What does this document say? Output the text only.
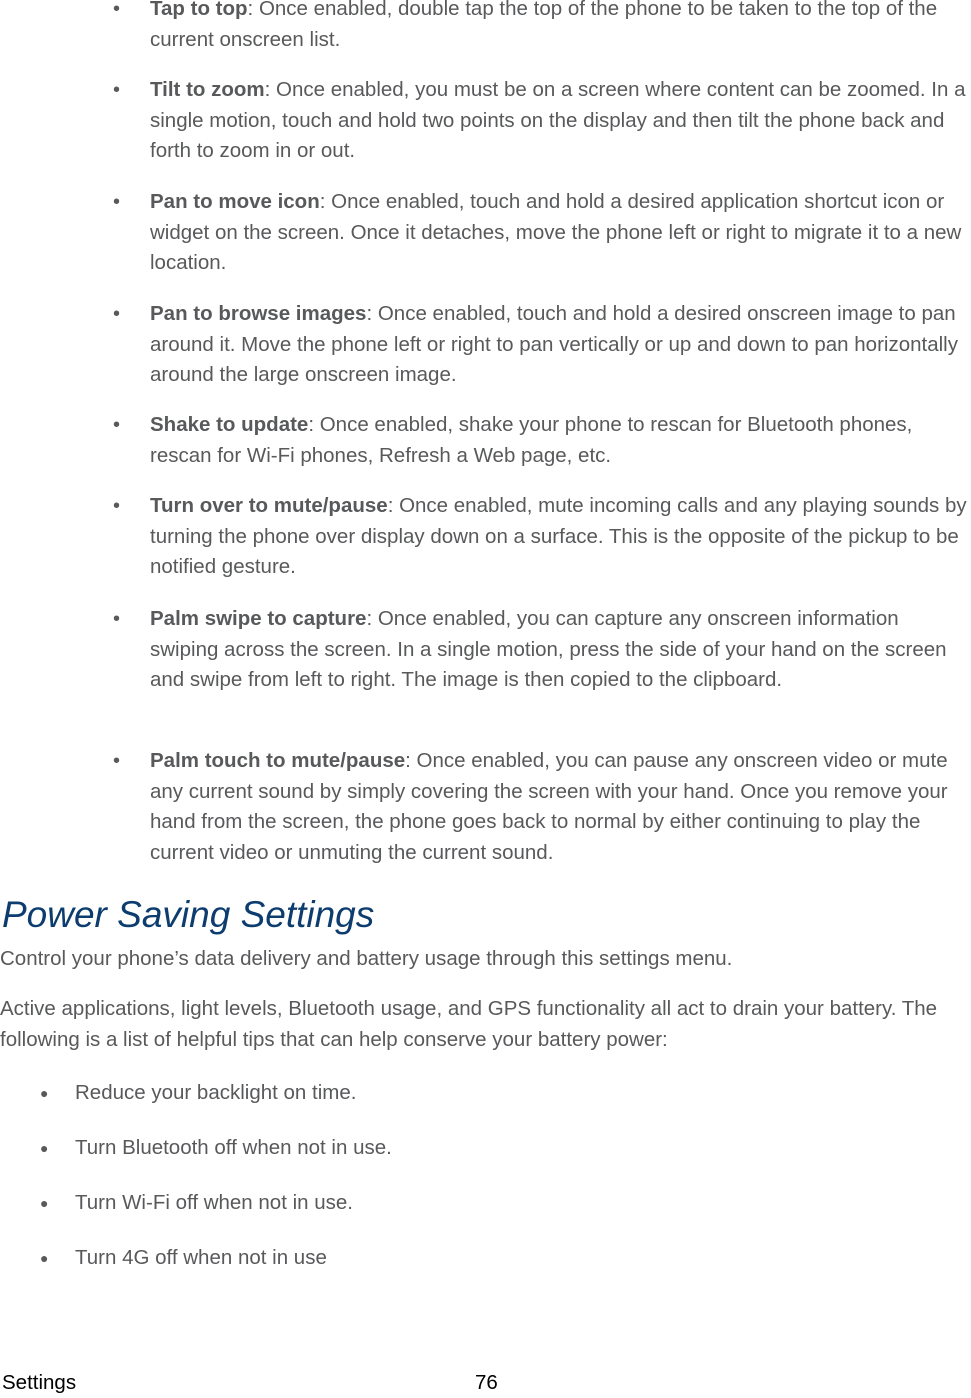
• Tap to top: Once enabled, double tap the top of the phone to be taken to the top of the current onscreen list.

• Tilt to zoom: Once enabled, you must be on a screen where content can be zoomed. In a single motion, touch and hold two points on the display and then tilt the phone back and forth to zoom in or out.

• Pan to move icon: Once enabled, touch and hold a desired application shortcut icon or widget on the screen. Once it detaches, move the phone left or right to migrate it to a new location.

• Pan to browse images: Once enabled, touch and hold a desired onscreen image to pan around it. Move the phone left or right to pan vertically or up and down to pan horizontally around the large onscreen image.

• Shake to update: Once enabled, shake your phone to rescan for Bluetooth phones, rescan for Wi-Fi phones, Refresh a Web page, etc.

• Turn over to mute/pause: Once enabled, mute incoming calls and any playing sounds by turning the phone over display down on a surface. This is the opposite of the pickup to be notified gesture.

• Palm swipe to capture: Once enabled, you can capture any onscreen information swiping across the screen. In a single motion, press the side of your hand on the screen and swipe from left to right. The image is then copied to the clipboard.

• Palm touch to mute/pause: Once enabled, you can pause any onscreen video or mute any current sound by simply covering the screen with your hand. Once you remove your hand from the screen, the phone goes back to normal by either continuing to play the current video or unmuting the current sound.

Power Saving Settings

Control your phone’s data delivery and battery usage through this settings menu.

Active applications, light levels, Bluetooth usage, and GPS functionality all act to drain your battery. The following is a list of helpful tips that can help conserve your battery power:

● Reduce your backlight on time.
● Turn Bluetooth off when not in use.
● Turn Wi-Fi off when not in use.
● Turn 4G off when not in use
Settings	76
